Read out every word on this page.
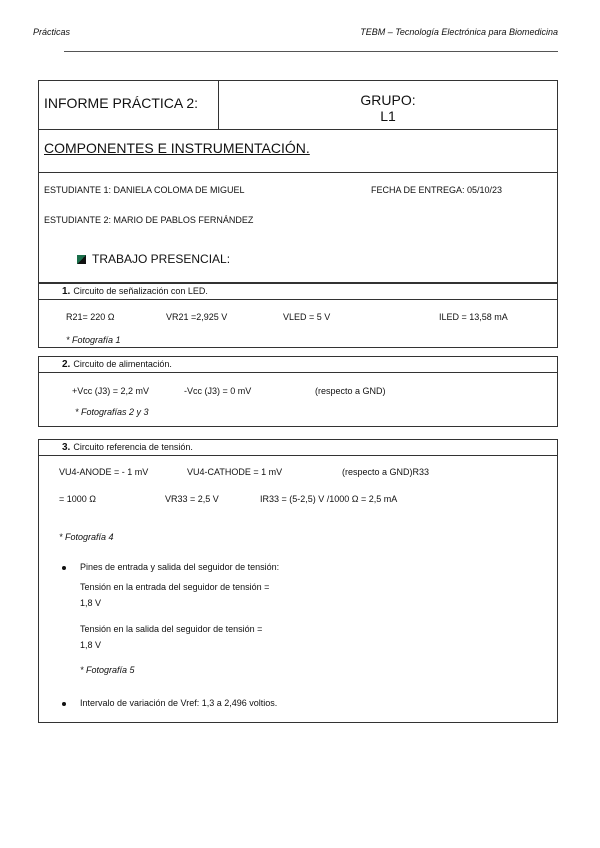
Prácticas	TEBM – Tecnología Electrónica para Biomedicina
INFORME PRÁCTICA 2:	GRUPO:
L1
COMPONENTES E INSTRUMENTACIÓN.
ESTUDIANTE 1: DANIELA COLOMA DE MIGUEL	FECHA DE ENTREGA: 05/10/23
ESTUDIANTE 2: MARIO DE PABLOS FERNÁNDEZ
TRABAJO PRESENCIAL:
1. Circuito de señalización con LED.
R21= 220 Ω	VR21 =2,925 V	VLED = 5 V	ILED = 13,58 mA
* Fotografía 1
2. Circuito de alimentación.
+Vcc (J3) = 2,2 mV	-Vcc (J3) = 0 mV	(respecto a GND)
* Fotografías 2 y 3
3. Circuito referencia de tensión.
VU4-ANODE = - 1 mV	VU4-CATHODE = 1 mV	(respecto a GND)R33
= 1000 Ω	VR33 = 2,5 V	IR33 = (5-2,5) V /1000 Ω = 2,5 mA
* Fotografía 4
Pines de entrada y salida del seguidor de tensión:
Tensión en la entrada del seguidor de tensión =
1,8 V
Tensión en la salida del seguidor de tensión =
1,8 V
* Fotografía 5
Intervalo de variación de Vref: 1,3 a 2,496 voltios.
